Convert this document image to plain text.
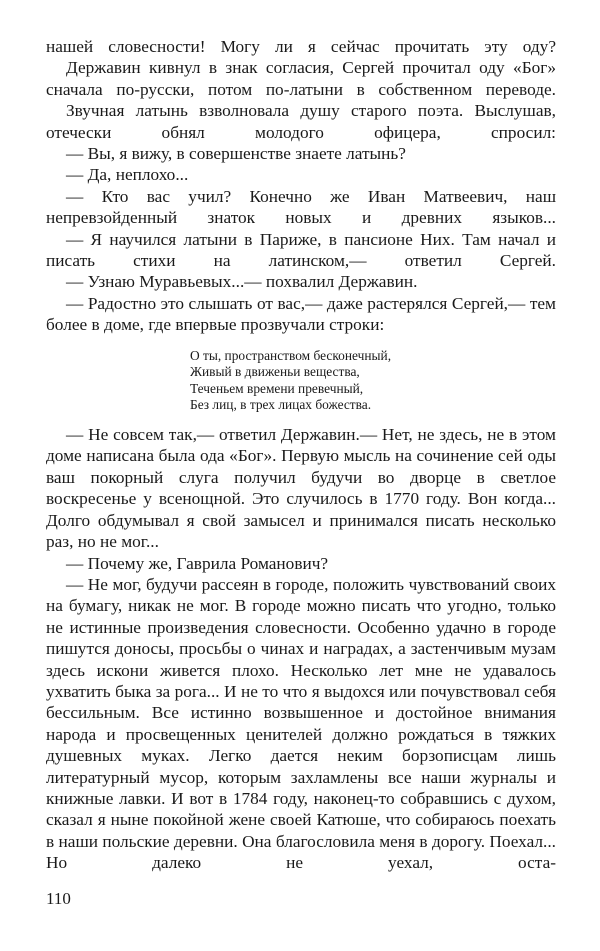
нашей словесности! Могу ли я сейчас прочитать эту оду?

Державин кивнул в знак согласия, Сергей прочитал оду «Бог» сначала по-русски, потом по-латыни в собственном переводе.

Звучная латынь взволновала душу старого поэта. Выслушав, отечески обнял молодого офицера, спросил:

— Вы, я вижу, в совершенстве знаете латынь?

— Да, неплохо...

— Кто вас учил? Конечно же Иван Матвеевич, наш непревзойденный знаток новых и древних языков...

— Я научился латыни в Париже, в пансионе Них. Там начал и писать стихи на латинском,— ответил Сергей.

— Узнаю Муравьевых...— похвалил Державин.

— Радостно это слышать от вас,— даже растерялся Сергей,— тем более в доме, где впервые прозвучали строки:

О ты, пространством бесконечный,
Живый в движеньи вещества,
Теченьем времени превечный,
Без лиц, в трех лицах божества.

— Не совсем так,— ответил Державин.— Нет, не здесь, не в этом доме написана была ода «Бог». Первую мысль на сочинение сей оды ваш покорный слуга получил будучи во дворце в светлое воскресенье у всенощной. Это случилось в 1770 году. Вон когда... Долго обдумывал я свой замысел и принимался писать несколько раз, но не мог...

— Почему же, Гаврила Романович?

— Не мог, будучи рассеян в городе, положить чувствований своих на бумагу, никак не мог. В городе можно писать что угодно, только не истинные произведения словесности. Особенно удачно в городе пишутся доносы, просьбы о чинах и наградах, а застенчивым музам здесь искони живется плохо. Несколько лет мне не удавалось ухватить быка за рога... И не то что я выдохся или почувствовал себя бессильным. Все истинно возвышенное и достойное внимания народа и просвещенных ценителей должно рождаться в тяжких душевных муках. Легко дается неким борзописцам лишь литературный мусор, которым захламлены все наши журналы и книжные лавки. И вот в 1784 году, наконец-то собравшись с духом, сказал я ныне покойной жене своей Катюше, что собираюсь поехать в наши польские деревни. Она благословила меня в дорогу. Поехал... Но далеко не уехал, оста-

110
